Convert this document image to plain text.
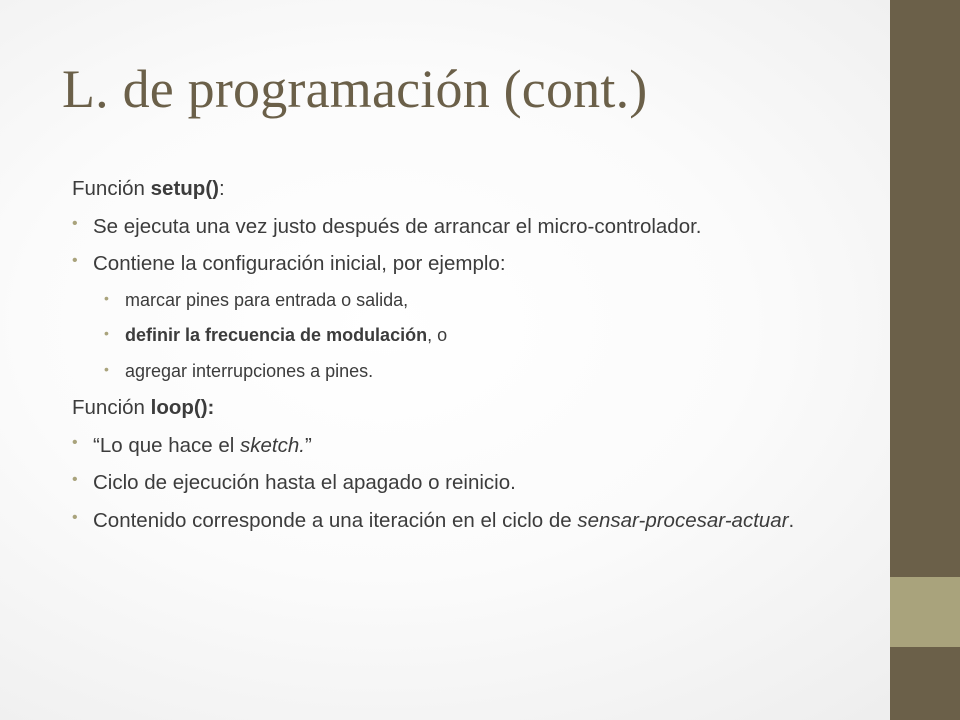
L. de programación (cont.)
Función setup():
• Se ejecuta una vez justo después de arrancar el micro-controlador.
• Contiene la configuración inicial, por ejemplo:
• marcar pines para entrada o salida,
• definir la frecuencia de modulación, o
• agregar interrupciones a pines.
Función loop():
• “Lo que hace el sketch.”
• Ciclo de ejecución hasta el apagado o reinicio.
• Contenido corresponde a una iteración en el ciclo de sensar-procesar-actuar.
